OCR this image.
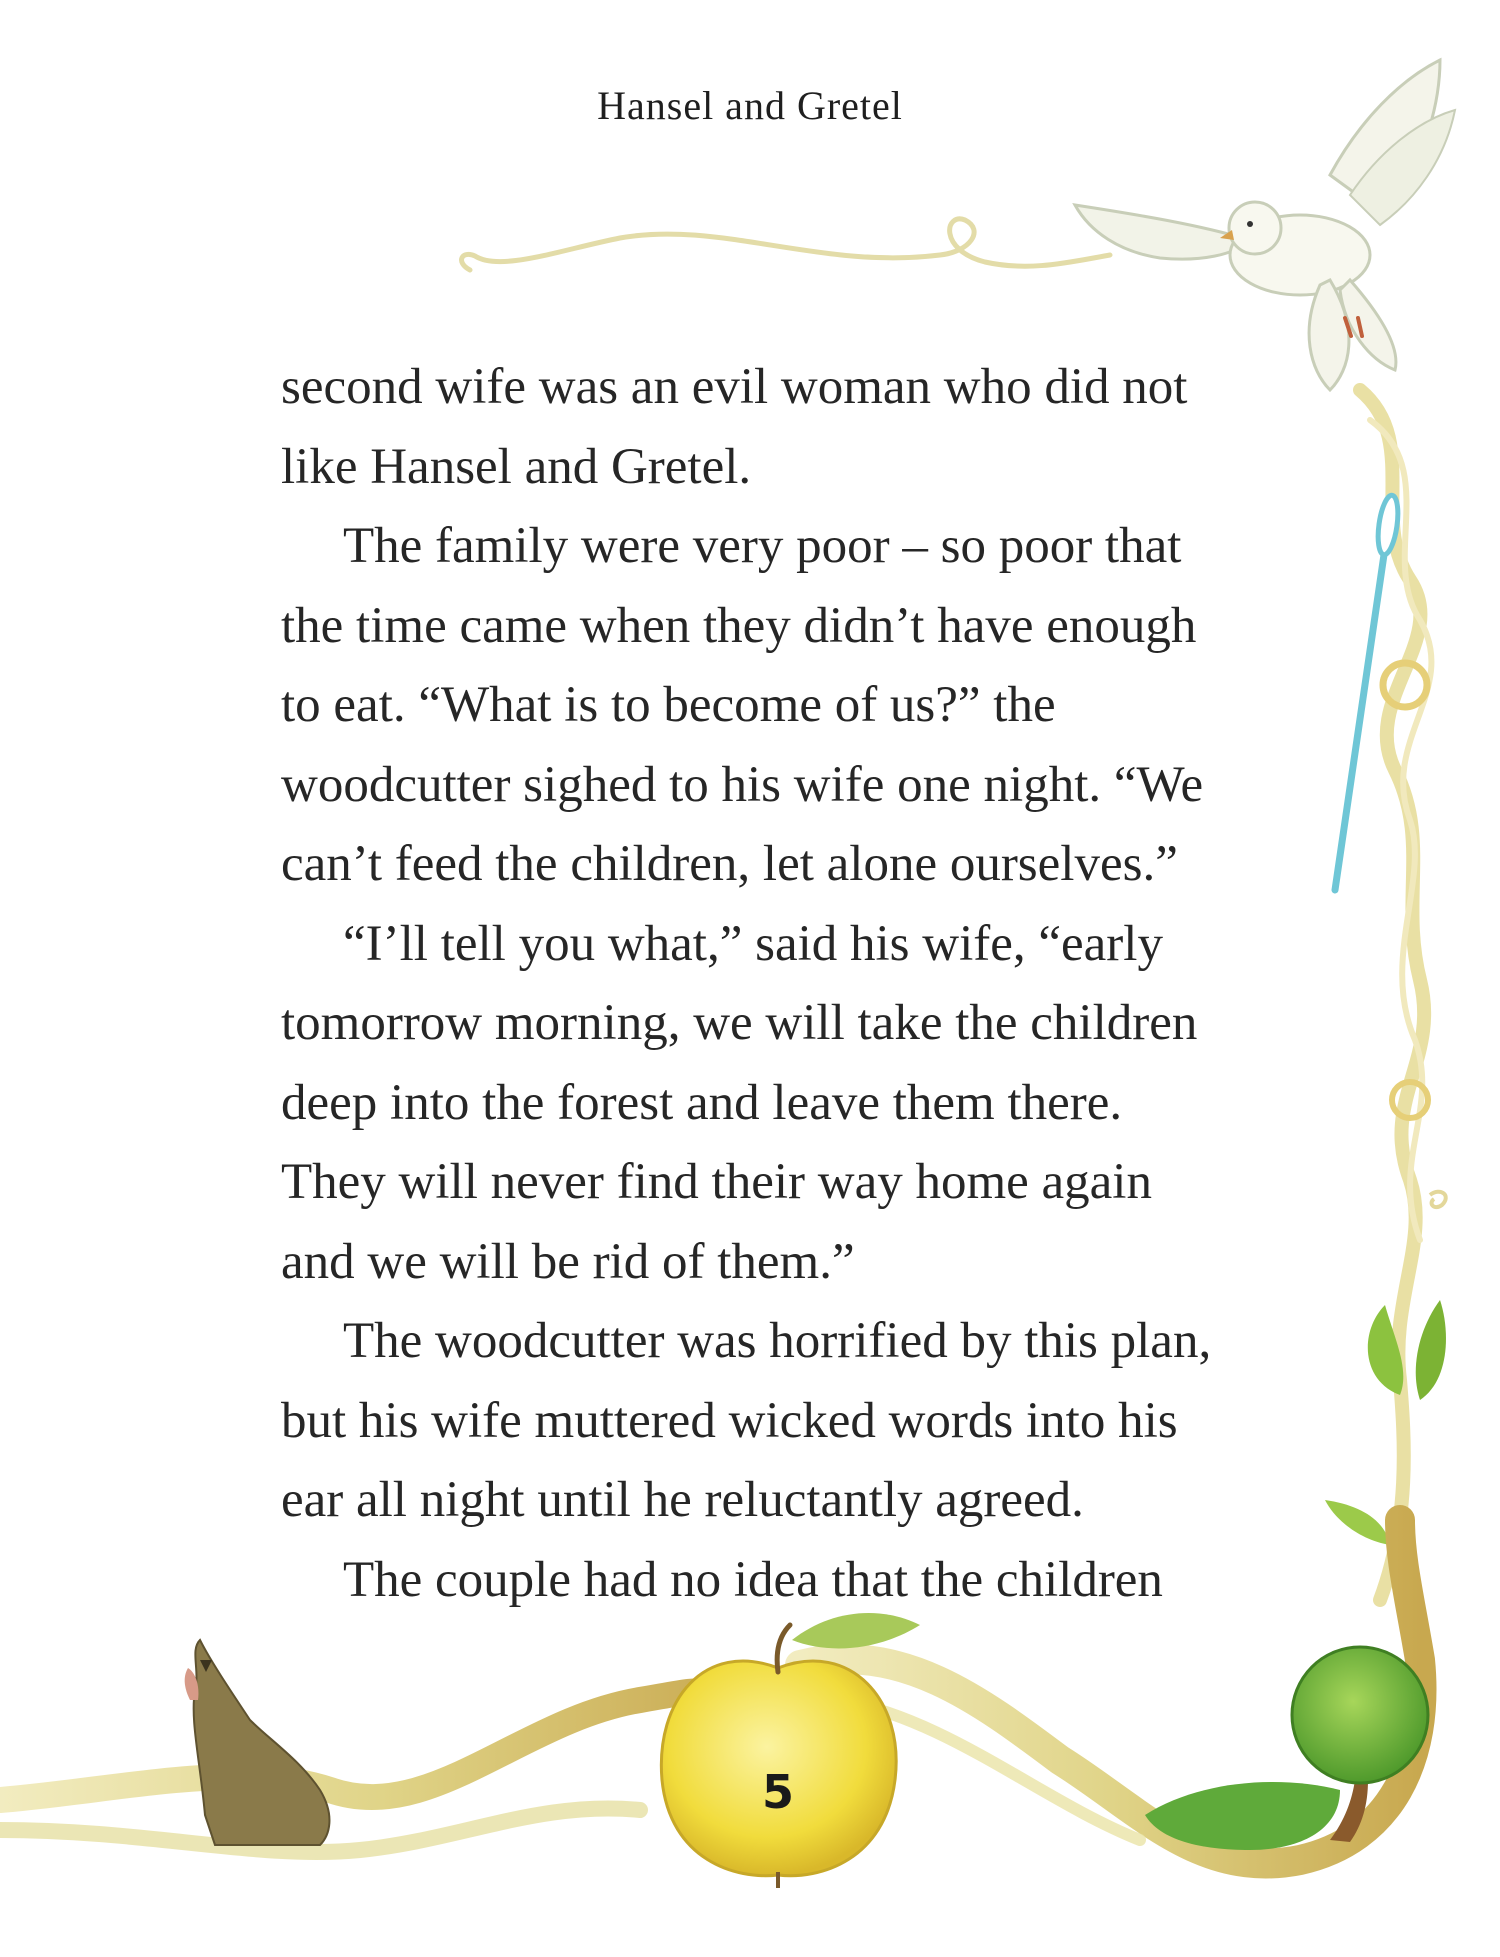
Hansel and Gretel
second wife was an evil woman who did not
like Hansel and Gretel.
The family were very poor – so poor that
the time came when they didn’t have enough
to eat. “What is to become of us?” the
woodcutter sighed to his wife one night. “We
can’t feed the children, let alone ourselves.”
“I’ll tell you what,” said his wife, “early
tomorrow morning, we will take the children
deep into the forest and leave them there.
They will never find their way home again
and we will be rid of them.”
The woodcutter was horrified by this plan,
but his wife muttered wicked words into his
ear all night until he reluctantly agreed.
The couple had no idea that the children
5
